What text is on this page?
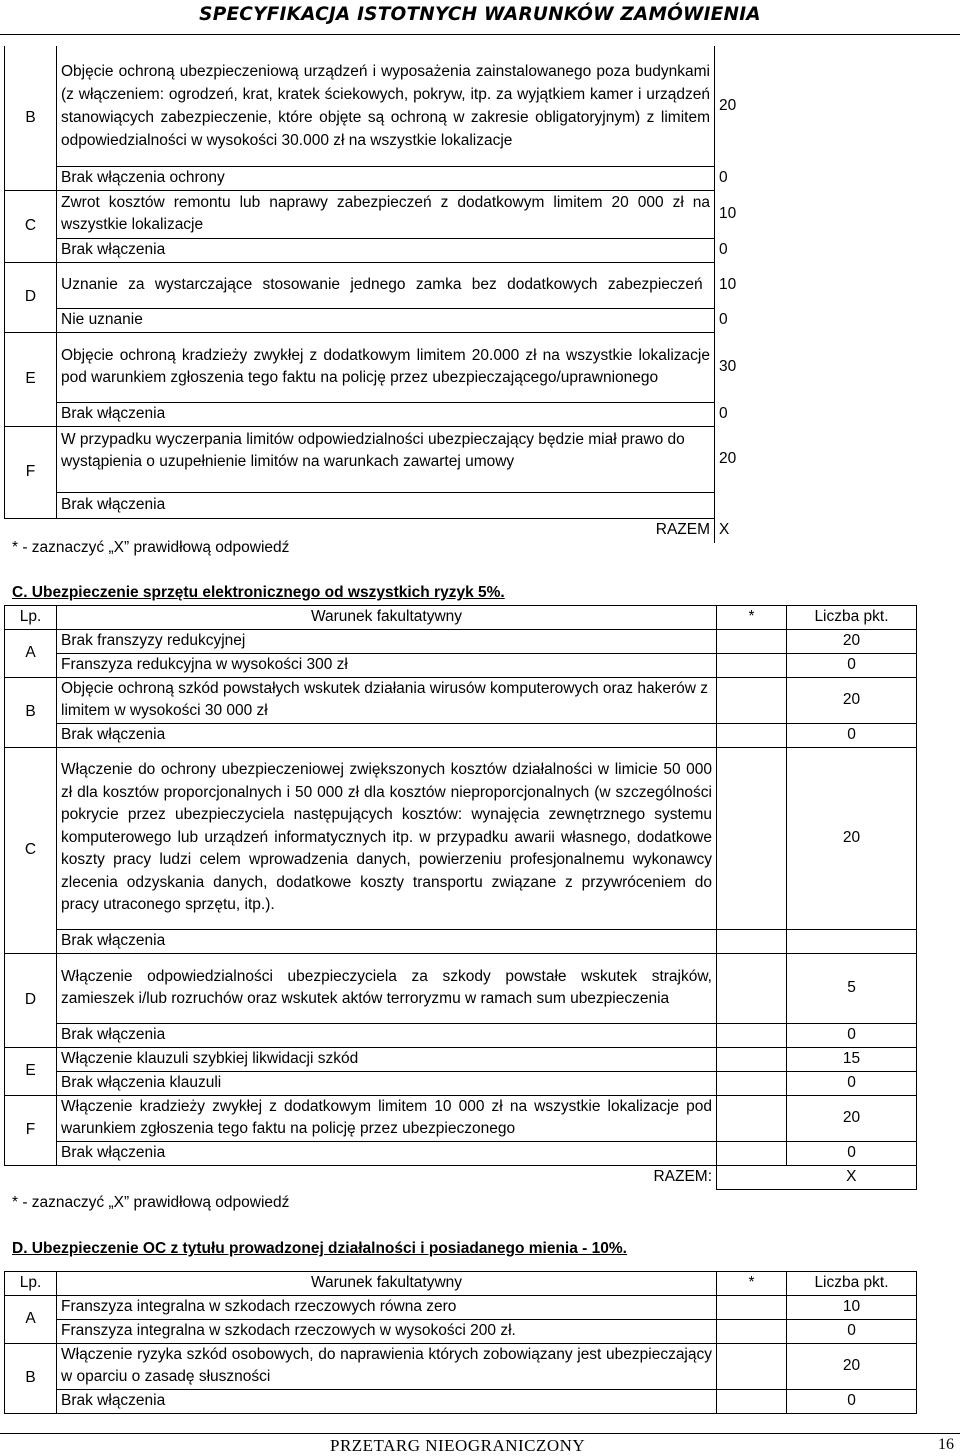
SPECYFIKACJA ISTOTNYCH WARUNKÓW ZAMÓWIENIA
B	Objęcie ochroną ubezpieczeniową urządzeń i wyposażenia zainstalowanego poza budynkami (z włączeniem: ogrodzeń, krat, kratek ściekowych, pokryw, itp. za wyjątkiem kamer i urządzeń stanowiących zabezpieczenie, które objęte są ochroną w zakresie obligatoryjnym) z limitem odpowiedzialności w wysokości 30.000 zł na wszystkie lokalizacje	20
	Brak włączenia ochrony	0
C	Zwrot kosztów remontu lub naprawy zabezpieczeń z dodatkowym limitem 20 000 zł na wszystkie lokalizacje	10
	Brak włączenia	0
D	Uznanie za wystarczające stosowanie jednego zamka bez dodatkowych zabezpieczeń	10
	Nie uznanie	0
E	Objęcie ochroną kradzieży zwykłej z dodatkowym limitem 20.000 zł na wszystkie lokalizacje pod warunkiem zgłoszenia tego faktu na policję przez ubezpieczającego/uprawnionego	30
	Brak włączenia	0
F	W przypadku wyczerpania limitów odpowiedzialności ubezpieczający będzie miał prawo do wystąpienia o uzupełnienie limitów na warunkach zawartej umowy	20
	Brak włączenia	
RAZEM		X
* - zaznaczyć „X” prawidłową odpowiedź
C. Ubezpieczenie sprzętu elektronicznego od wszystkich ryzyk 5%.
Lp.	Warunek fakultatywny	*	Liczba pkt.
A	Brak franszyzy redukcyjnej		20
	Franszyza redukcyjna w wysokości 300 zł		0
B	Objęcie ochroną szkód powstałych wskutek działania wirusów komputerowych oraz hakerów z limitem w wysokości 30 000 zł		20
	Brak włączenia		0
C	Włączenie do ochrony ubezpieczeniowej zwiększonych kosztów działalności w limicie 50 000 zł dla kosztów proporcjonalnych i 50 000 zł dla kosztów nieproporcjonalnych (w szczególności pokrycie przez ubezpieczyciela następujących kosztów: wynajęcia zewnętrznego systemu komputerowego lub urządzeń informatycznych itp. w przypadku awarii własnego, dodatkowe koszty pracy ludzi celem wprowadzenia danych, powierzeniu profesjonalnemu wykonawcy zlecenia odzyskania danych, dodatkowe koszty transportu związane z przywróceniem do pracy utraconego sprzętu, itp.).		20
	Brak włączenia		
D	Włączenie odpowiedzialności ubezpieczyciela za szkody powstałe wskutek strajków, zamieszek i/lub rozruchów oraz wskutek aktów terroryzmu w ramach sum ubezpieczenia		5
	Brak włączenia		0
E	Włączenie klauzuli szybkiej likwidacji szkód		15
	Brak włączenia klauzuli		0
F	Włączenie kradzieży zwykłej z dodatkowym limitem 10 000 zł na wszystkie lokalizacje pod warunkiem zgłoszenia tego faktu na policję przez ubezpieczonego		20
	Brak włączenia		0
RAZEM:			X
* - zaznaczyć „X” prawidłową odpowiedź
D. Ubezpieczenie OC z tytułu prowadzonej działalności i posiadanego mienia - 10%.
Lp.	Warunek fakultatywny	*	Liczba pkt.
A	Franszyza integralna w szkodach rzeczowych równa zero		10
	Franszyza integralna w szkodach rzeczowych w wysokości 200 zł.		0
B	Włączenie ryzyka szkód osobowych, do naprawienia których zobowiązany jest ubezpieczający w oparciu o zasadę słuszności		20
	Brak włączenia		0
PRZETARG NIEOGRANICZONY	16
